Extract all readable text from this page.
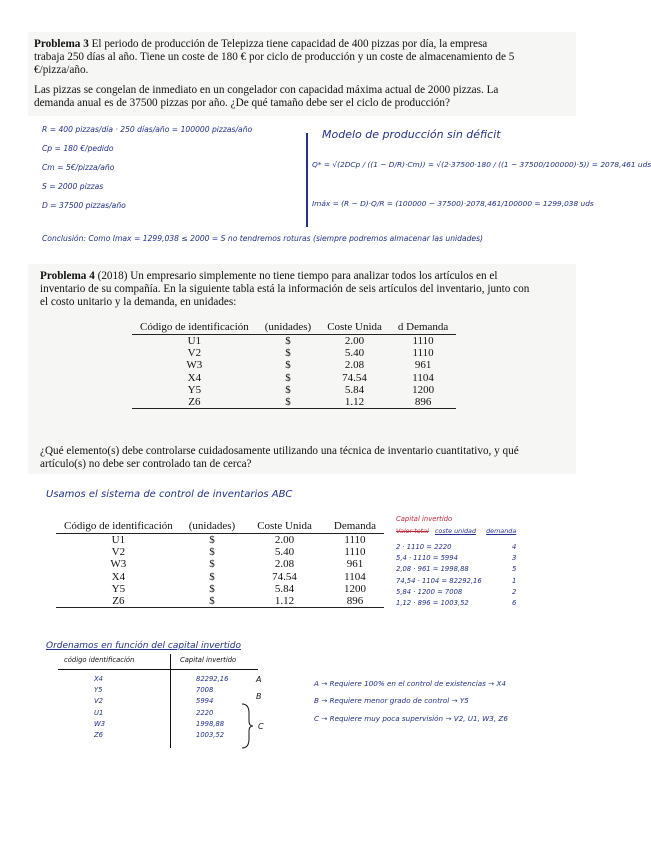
Problema 3 El periodo de producción de Telepizza tiene capacidad de 400 pizzas por día, la empresa
trabaja 250 días al año. Tiene un coste de 180 € por ciclo de producción y un coste de almacenamiento de 5
€/pizza/año.
Las pizzas se congelan de inmediato en un congelador con capacidad máxima actual de 2000 pizzas. La
demanda anual es de 37500 pizzas por año. ¿De qué tamaño debe ser el ciclo de producción?
R = 400 pizzas/día · 250 días/año = 100000 pizzas/año
Cp = 180 €/pedido
Cm = 5€/pizza/año
S = 2000 pizzas
D = 37500 pizzas/año
Modelo de producción sin déficit
Q* = √(2DCp / ((1 − D/R)·Cm)) = √(2·37500·180 / ((1 − 37500/100000)·5)) = 2078,461 uds
Imáx = (R − D)·Q/R = (100000 − 37500)·2078,461/100000 = 1299,038 uds
Conclusión: Como Imax = 1299,038 ≤ 2000 = S no tendremos roturas (siempre podremos almacenar las unidades)
Problema 4 (2018) Un empresario simplemente no tiene tiempo para analizar todos los artículos en el
inventario de su compañía. En la siguiente tabla está la información de seis artículos del inventario, junto con
el costo unitario y la demanda, en unidades:
Código de identificación	(unidades)	Coste Unida	d Demanda
U1	$	2.00	1110
V2	$	5.40	1110
W3	$	2.08	961
X4	$	74.54	1104
Y5	$	5.84	1200
Z6	$	1.12	896
¿Qué elemento(s) debe controlarse cuidadosamente utilizando una técnica de inventario cuantitativo, y qué
artículo(s) no debe ser controlado tan de cerca?
Usamos el sistema de control de inventarios ABC
Código de identificación	(unidades)	Coste Unida	Demanda
U1	$	2.00	1110
V2	$	5.40	1110
W3	$	2.08	961
X4	$	74.54	1104
Y5	$	5.84	1200
Z6	$	1.12	896
Capital invertido
Valor total coste unidad demanda
2 · 1110 = 2220	4
5,4 · 1110 = 5994	3
2,08 · 961 = 1998,88	5
74,54 · 1104 = 82292,16	1
5,84 · 1200 = 7008	2
1,12 · 896 = 1003,52	6
Ordenamos en función del capital invertido
código identificación	Capital invertido
X4	82292,16
Y5	7008
V2	5994
U1	2220
W3	1998,88
Z6	1003,52
A
B
C
A → Requiere 100% en el control de existencias → X4
B → Requiere menor grado de control → Y5
C → Requiere muy poca supervisión → V2, U1, W3, Z6
